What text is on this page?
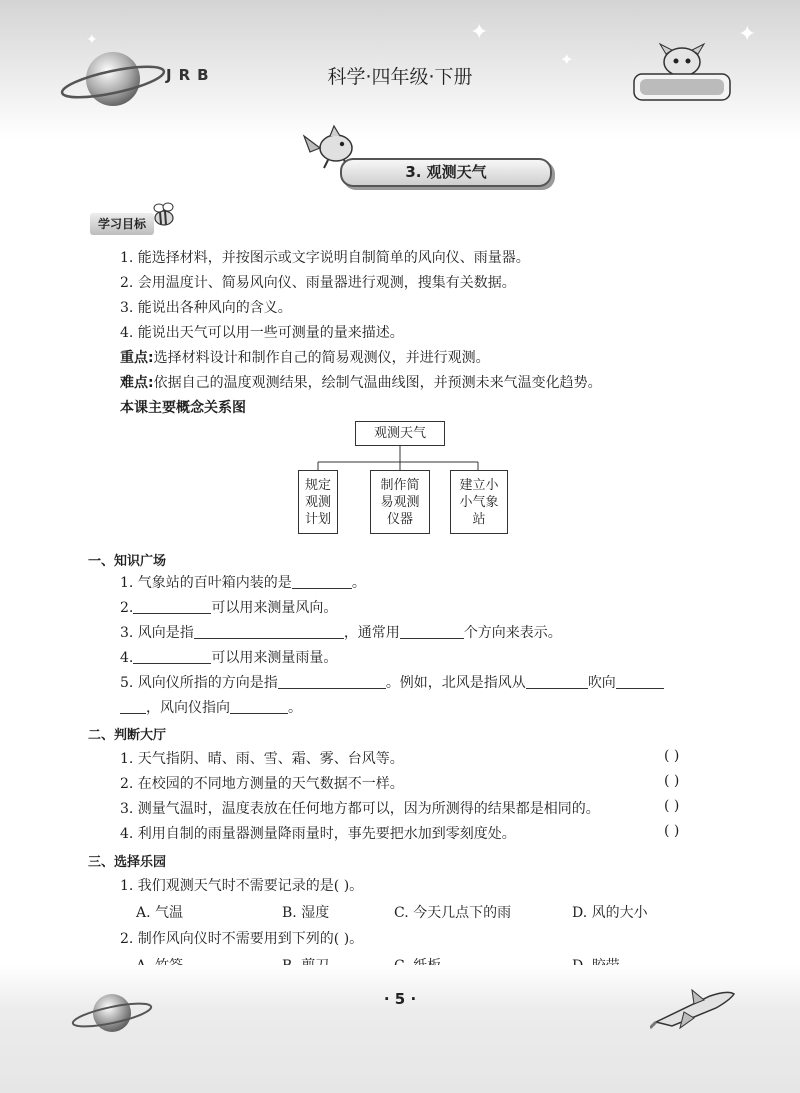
✦
✦
✦
✦
JRB	科学·四年级·下册
3. 观测天气
学习目标
1. 能选择材料，并按图示或文字说明自制简单的风向仪、雨量器。
2. 会用温度计、简易风向仪、雨量器进行观测，搜集有关数据。
3. 能说出各种风向的含义。
4. 能说出天气可以用一些可测量的量来描述。
重点:选择材料设计和制作自己的简易观测仪，并进行观测。
难点:依据自己的温度观测结果，绘制气温曲线图，并预测未来气温变化趋势。
本课主要概念关系图
观测天气
规定
观测
计划
制作简
易观测
仪器
建立小
小气象
站
一、知识广场
1. 气象站的百叶箱内装的是	。
2.	可以用来测量风向。
3. 风向是指	，通常用	个方向来表示。
4.	可以用来测量雨量。
5. 风向仪所指的方向是指	。例如，北风是指风从	吹向
，风向仪指向	。
二、判断大厅
1. 天气指阴、晴、雨、雪、霜、雾、台风等。	( )
2. 在校园的不同地方测量的天气数据不一样。	( )
3. 测量气温时，温度表放在任何地方都可以，因为所测得的结果都是相同的。	( )
4. 利用自制的雨量器测量降雨量时，事先要把水加到零刻度处。	( )
三、选择乐园
1. 我们观测天气时不需要记录的是( )。
A. 气温	B. 湿度	C. 今天几点下的雨	D. 风的大小
2. 制作风向仪时不需要用到下列的( )。
· 5 ·
